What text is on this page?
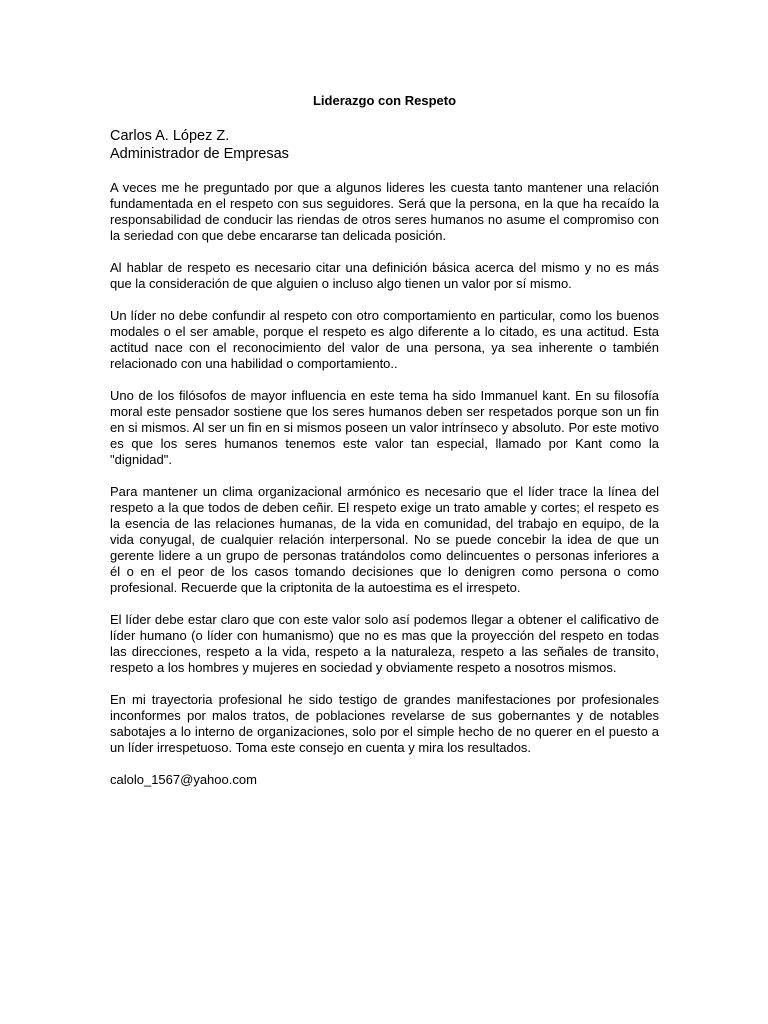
Liderazgo con Respeto
Carlos A. López Z.
Administrador de Empresas

A veces me he preguntado por que a algunos lideres les cuesta tanto mantener una relación fundamentada en el respeto con sus seguidores. Será que la persona, en la que ha recaído la responsabilidad de conducir las riendas de otros seres humanos no asume el compromiso con la seriedad con que debe encararse tan delicada posición.

Al hablar de respeto es necesario citar una definición básica acerca del mismo y no es más que la consideración de que alguien o incluso algo tienen un valor por sí mismo.

Un líder no debe confundir al respeto con otro comportamiento en particular, como los buenos modales o el ser amable, porque el respeto es algo diferente a lo citado, es una actitud. Esta actitud nace con el reconocimiento del valor de una persona, ya sea inherente o también relacionado con una habilidad o comportamiento..

Uno de los filósofos de mayor influencia en este tema ha sido Immanuel kant. En su filosofía moral este pensador sostiene que los seres humanos deben ser respetados porque son un fin en si mismos. Al ser un fin en si mismos poseen un valor intrínseco y absoluto. Por este motivo es que los seres humanos tenemos este valor tan especial, llamado por Kant como la "dignidad".

Para mantener un clima organizacional armónico es necesario que el líder trace la línea del respeto a la que todos de deben ceñir. El respeto exige un trato amable y cortes; el respeto es la esencia de las relaciones humanas, de la vida en comunidad, del trabajo en equipo, de la vida conyugal, de cualquier relación interpersonal. No se puede concebir la idea de que un gerente lidere a un grupo de personas tratándolos como delincuentes o personas inferiores a él o en el peor de los casos tomando decisiones que lo denigren como persona o como profesional. Recuerde que la criptonita de la autoestima es el irrespeto.

El líder debe estar claro que con este valor solo así podemos llegar a obtener el calificativo de líder humano (o líder con humanismo) que no es mas que la proyección del respeto en todas las direcciones, respeto a la vida, respeto a la naturaleza, respeto a las señales de transito, respeto a los hombres y mujeres en sociedad y obviamente respeto a nosotros mismos.

En mi trayectoria profesional he sido testigo de grandes manifestaciones por profesionales inconformes por malos tratos, de poblaciones revelarse de sus gobernantes y de notables sabotajes a lo interno de organizaciones, solo por el simple hecho de no querer en el puesto a un líder irrespetuoso. Toma este consejo en cuenta y mira los resultados.

calolo_1567@yahoo.com
